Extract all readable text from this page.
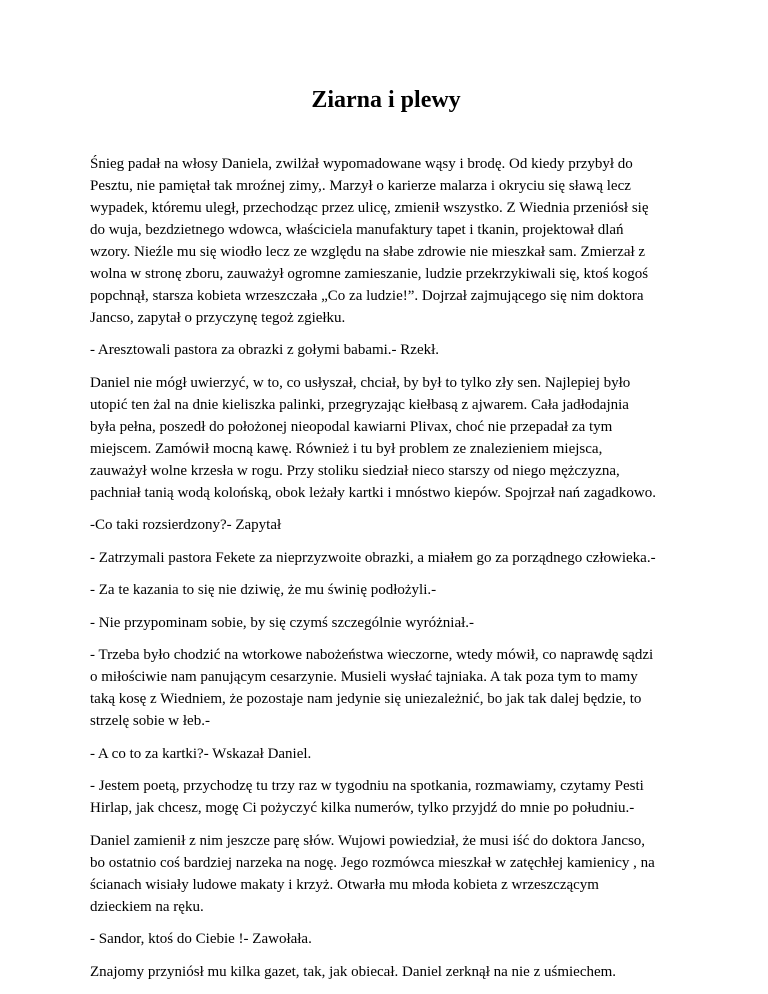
Ziarna i plewy

Śnieg padał na włosy Daniela, zwilżał wypomadowane wąsy i brodę. Od kiedy przybył do
Pesztu, nie pamiętał tak mroźnej zimy,. Marzył o karierze malarza i okryciu się sławą lecz
wypadek, któremu uległ, przechodząc przez ulicę, zmienił wszystko. Z Wiednia przeniósł się
do wuja, bezdzietnego wdowca, właściciela manufaktury tapet i tkanin, projektował dlań
wzory. Nieźle mu się wiodło lecz ze względu na słabe zdrowie nie mieszkał sam. Zmierzał z
wolna w stronę zboru, zauważył ogromne zamieszanie, ludzie przekrzykiwali się, ktoś kogoś
popchnął, starsza kobieta wrzeszczała „Co za ludzie!”. Dojrzał zajmującego się nim doktora
Jancso, zapytał o przyczynę tegoż zgiełku.

- Aresztowali pastora za obrazki z gołymi babami.- Rzekł.

Daniel nie mógł uwierzyć, w to, co usłyszał, chciał, by był to tylko zły sen. Najlepiej było
utopić ten żal na dnie kieliszka palinki, przegryzając kiełbasą z ajwarem. Cała jadłodajnia
była pełna, poszedł do położonej nieopodal kawiarni Plivax, choć nie przepadał za tym
miejscem. Zamówił mocną kawę. Również i tu był problem ze znalezieniem miejsca,
zauważył wolne krzesła w rogu. Przy stoliku siedział nieco starszy od niego mężczyzna,
pachniał tanią wodą kolońską, obok leżały kartki i mnóstwo kiepów. Spojrzał nań zagadkowo.

-Co taki rozsierdzony?- Zapytał

- Zatrzymali pastora Fekete za nieprzyzwoite obrazki, a miałem go za porządnego człowieka.-

- Za te kazania to się nie dziwię, że mu świnię podłożyli.-

- Nie przypominam sobie, by się czymś szczególnie wyróżniał.-

- Trzeba było chodzić na wtorkowe nabożeństwa wieczorne, wtedy mówił, co naprawdę sądzi
o miłościwie nam panującym cesarzynie. Musieli wysłać tajniaka. A tak poza tym to mamy
taką kosę z Wiedniem, że pozostaje nam jedynie się uniezależnić, bo jak tak dalej będzie, to
strzelę sobie w łeb.-

- A co to za kartki?- Wskazał Daniel.

- Jestem poetą, przychodzę tu trzy raz w tygodniu na spotkania, rozmawiamy, czytamy Pesti
Hirlap, jak chcesz, mogę Ci pożyczyć kilka numerów, tylko przyjdź do mnie po południu.-

Daniel zamienił z nim jeszcze parę słów. Wujowi powiedział, że musi iść do doktora Jancso,
bo ostatnio coś bardziej narzeka na nogę. Jego rozmówca mieszkał w zatęchłej kamienicy , na
ścianach wisiały ludowe makaty i krzyż. Otwarła mu młoda kobieta z wrzeszczącym
dzieckiem na ręku.

- Sandor, ktoś do Ciebie !- Zawołała.

Znajomy przyniósł mu kilka gazet, tak, jak obiecał. Daniel zerknął na nie z uśmiechem.
